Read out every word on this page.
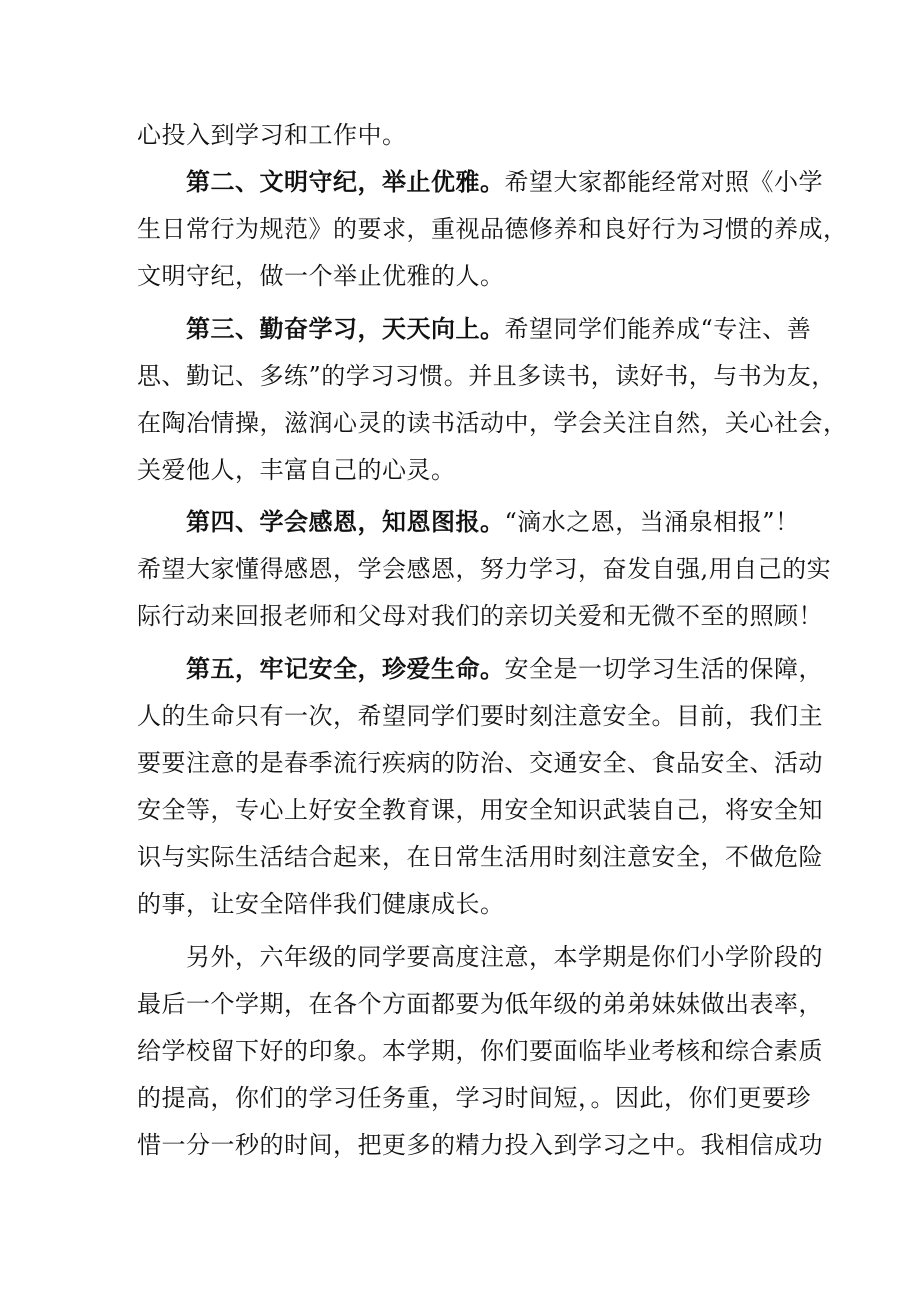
心投入到学习和工作中。
第二、文明守纪，举止优雅。希望大家都能经常对照《小学
生日常行为规范》的要求，重视品德修养和良好行为习惯的养成，
文明守纪，做一个举止优雅的人。
第三、勤奋学习，天天向上。希望同学们能养成“专注、善
思、勤记、多练”的学习习惯。并且多读书，读好书，与书为友，
在陶冶情操，滋润心灵的读书活动中，学会关注自然，关心社会，
关爱他人，丰富自己的心灵。
第四、学会感恩，知恩图报。“滴水之恩，当涌泉相报”！
希望大家懂得感恩，学会感恩，努力学习，奋发自强,用自己的实
际行动来回报老师和父母对我们的亲切关爱和无微不至的照顾！
第五，牢记安全，珍爱生命。安全是一切学习生活的保障，
人的生命只有一次，希望同学们要时刻注意安全。目前，我们主
要要注意的是春季流行疾病的防治、交通安全、食品安全、活动
安全等，专心上好安全教育课，用安全知识武装自己，将安全知
识与实际生活结合起来，在日常生活用时刻注意安全，不做危险
的事，让安全陪伴我们健康成长。
另外，六年级的同学要高度注意，本学期是你们小学阶段的
最后一个学期，在各个方面都要为低年级的弟弟妹妹做出表率，
给学校留下好的印象。本学期，你们要面临毕业考核和综合素质
的提高，你们的学习任务重，学习时间短，。因此，你们更要珍
惜一分一秒的时间，把更多的精力投入到学习之中。我相信成功
